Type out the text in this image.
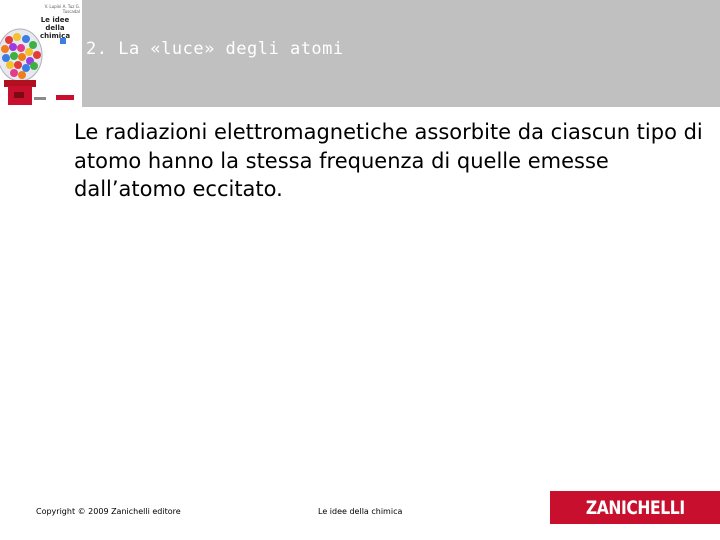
V. Lupini A. Tuz G. Tuscadal
Le idee della chimica
2. La «luce» degli atomi

Le radiazioni elettromagnetiche assorbite da ciascun tipo di atomo hanno la stessa frequenza di quelle emesse dall’atomo eccitato.

Copyright © 2009 Zanichelli editore	Le idee della chimica	ZANICHELLI
